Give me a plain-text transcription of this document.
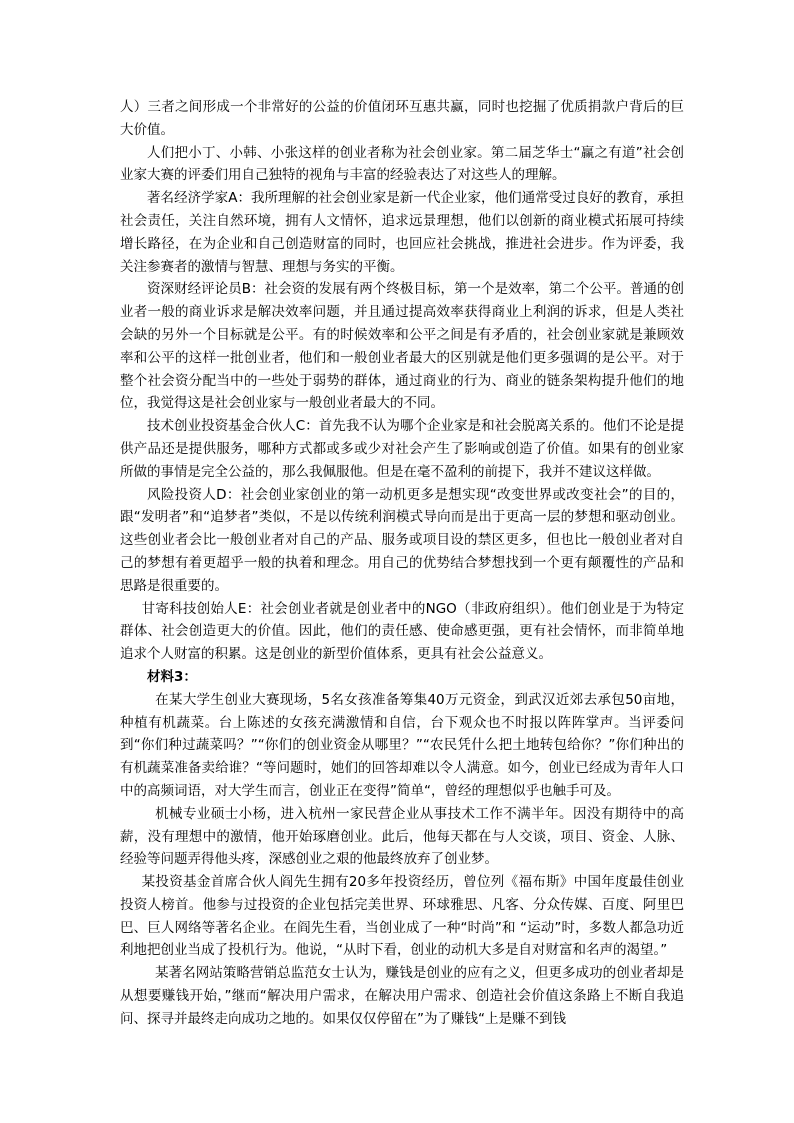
人）三者之间形成一个非常好的公益的价值闭环互惠共赢，同时也挖掘了优质捐款户背后的巨大价值。

人们把小丁、小韩、小张这样的创业者称为社会创业家。第二届芝华士“赢之有道”社会创业家大赛的评委们用自己独特的视角与丰富的经验表达了对这些人的理解。

著名经济学家A：我所理解的社会创业家是新一代企业家，他们通常受过良好的教育，承担社会责任，关注自然环境，拥有人文情怀，追求远景理想，他们以创新的商业模式拓展可持续增长路径，在为企业和自己创造财富的同时，也回应社会挑战，推进社会进步。作为评委，我关注参赛者的激情与智慧、理想与务实的平衡。

资深财经评论员B：社会资的发展有两个终极目标，第一个是效率，第二个公平。普通的创业者一般的商业诉求是解决效率问题，并且通过提高效率获得商业上利润的诉求，但是人类社会缺的另外一个目标就是公平。有的时候效率和公平之间是有矛盾的，社会创业家就是兼顾效率和公平的这样一批创业者，他们和一般创业者最大的区别就是他们更多强调的是公平。对于整个社会资分配当中的一些处于弱势的群体，通过商业的行为、商业的链条架构提升他们的地位，我觉得这是社会创业家与一般创业者最大的不同。

技术创业投资基金合伙人C：首先我不认为哪个企业家是和社会脱离关系的。他们不论是提供产品还是提供服务，哪种方式都或多或少对社会产生了影响或创造了价值。如果有的创业家所做的事情是完全公益的，那么我佩服他。但是在毫不盈利的前提下，我并不建议这样做。

风险投资人D：社会创业家创业的第一动机更多是想实现“改变世界或改变社会”的目的，跟“发明者”和“追梦者”类似，不是以传统利润模式导向而是出于更高一层的梦想和驱动创业。这些创业者会比一般创业者对自己的产品、服务或项目设的禁区更多，但也比一般创业者对自己的梦想有着更超乎一般的执着和理念。用自己的优势结合梦想找到一个更有颠覆性的产品和思路是很重要的。

甘寄科技创始人E：社会创业者就是创业者中的NGO（非政府组织）。他们创业是于为特定群体、社会创造更大的价值。因此，他们的责任感、使命感更强，更有社会情怀，而非简单地追求个人财富的积累。这是创业的新型价值体系，更具有社会公益意义。

材料3：

在某大学生创业大赛现场，5名女孩准备筹集40万元资金，到武汉近郊去承包50亩地，种植有机蔬菜。台上陈述的女孩充满激情和自信，台下观众也不时报以阵阵掌声。当评委问到“你们种过蔬菜吗？”“你们的创业资金从哪里？”“农民凭什么把土地转包给你？”你们种出的有机蔬菜准备卖给谁？“等问题时，她们的回答却难以令人满意。如今，创业已经成为青年人口中的高频词语，对大学生而言，创业正在变得”简单“，曾经的理想似乎也触手可及。

机械专业硕士小杨，进入杭州一家民营企业从事技术工作不满半年。因没有期待中的高薪，没有理想中的激情，他开始琢磨创业。此后，他每天都在与人交谈，项目、资金、人脉、经验等问题弄得他头疼，深感创业之艰的他最终放弃了创业梦。

某投资基金首席合伙人阎先生拥有20多年投资经历，曾位列《福布斯》中国年度最佳创业投资人榜首。他参与过投资的企业包括完美世界、环球雅思、凡客、分众传媒、百度、阿里巴巴、巨人网络等著名企业。在阎先生看，当创业成了一种“时尚”和 “运动”时，多数人都急功近利地把创业当成了投机行为。他说，“从时下看，创业的动机大多是自对财富和名声的渴望。”

某著名网站策略营销总监范女士认为，赚钱是创业的应有之义，但更多成功的创业者却是从想要赚钱开始，”继而“解决用户需求，在解决用户需求、创造社会价值这条路上不断自我追问、探寻并最终走向成功之地的。如果仅仅停留在”为了赚钱“上是赚不到钱
